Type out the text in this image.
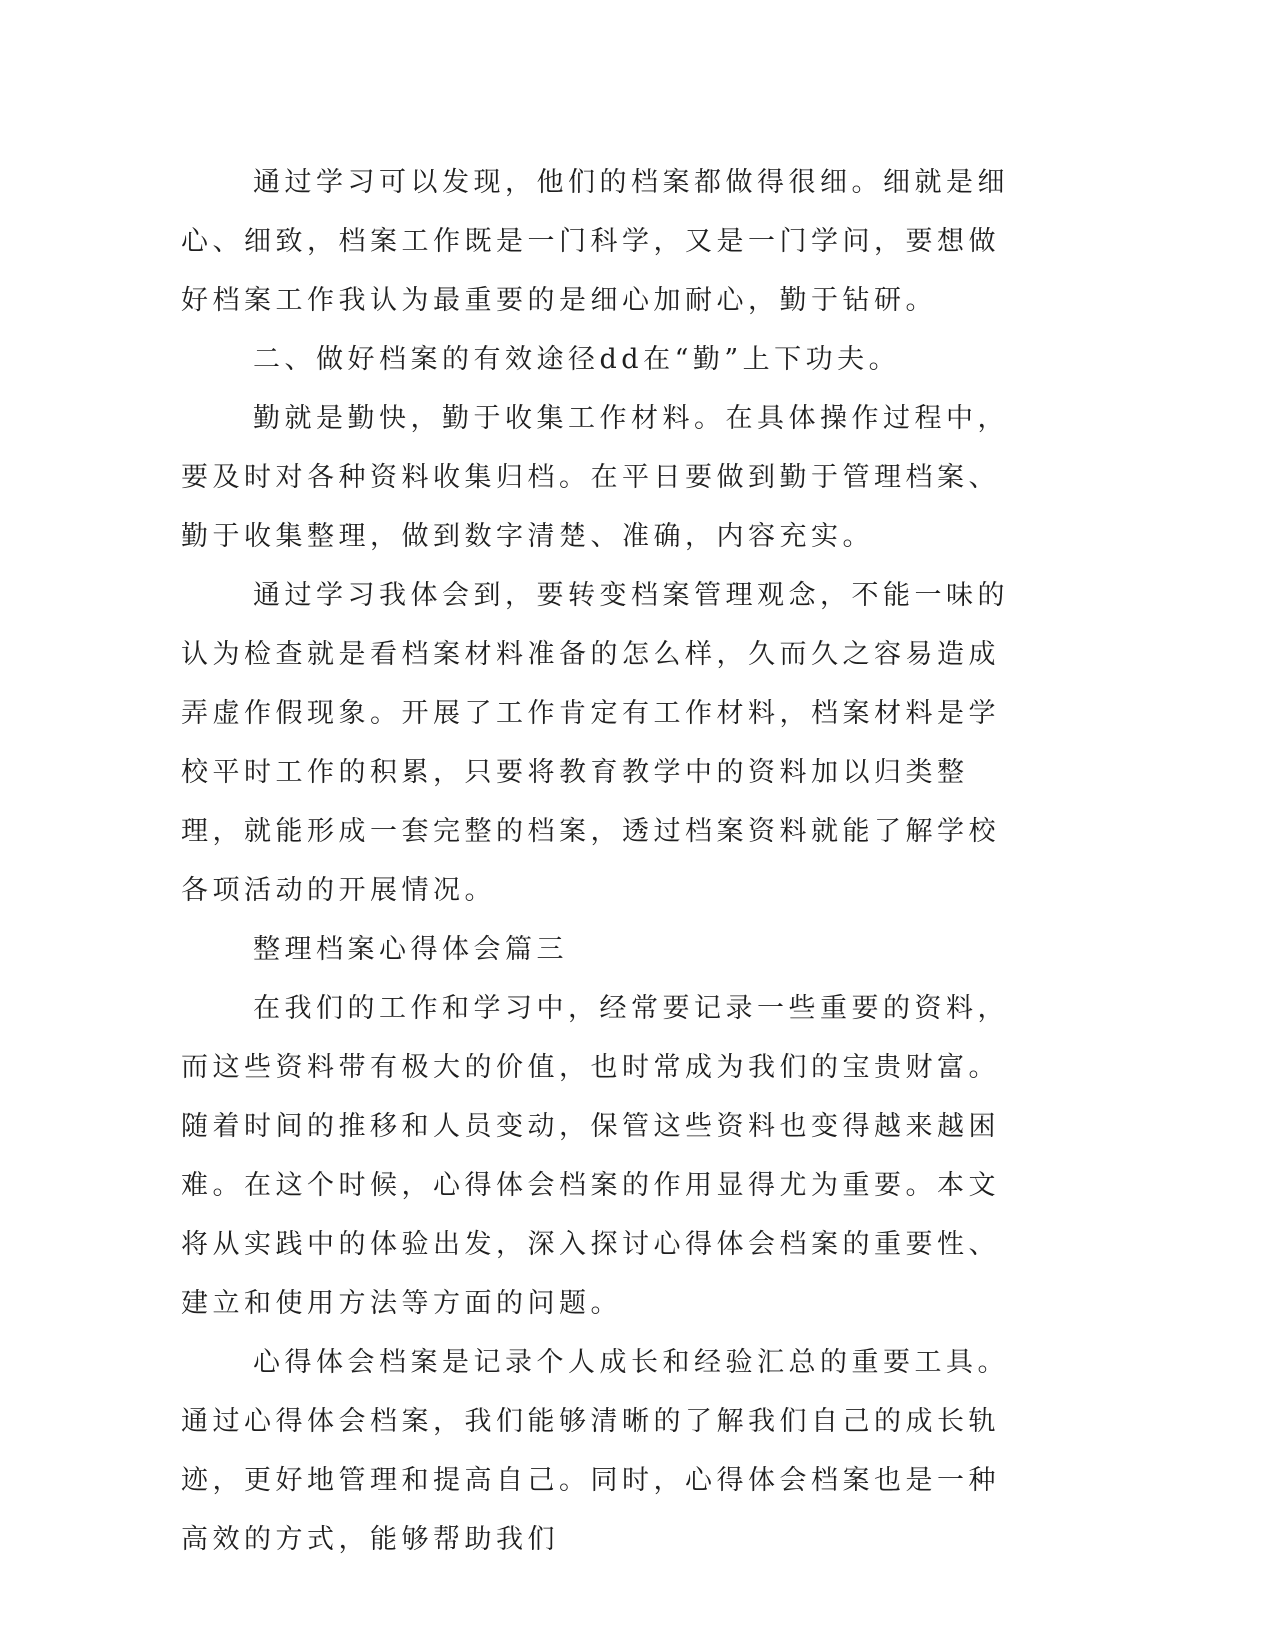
通过学习可以发现，他们的档案都做得很细。细就是细心、细致，档案工作既是一门科学，又是一门学问，要想做好档案工作我认为最重要的是细心加耐心，勤于钻研。

二、做好档案的有效途径dd在“勤”上下功夫。

勤就是勤快，勤于收集工作材料。在具体操作过程中，要及时对各种资料收集归档。在平日要做到勤于管理档案、勤于收集整理，做到数字清楚、准确，内容充实。

通过学习我体会到，要转变档案管理观念，不能一味的认为检查就是看档案材料准备的怎么样，久而久之容易造成弄虚作假现象。开展了工作肯定有工作材料，档案材料是学校平时工作的积累，只要将教育教学中的资料加以归类整理，就能形成一套完整的档案，透过档案资料就能了解学校各项活动的开展情况。

整理档案心得体会篇三

在我们的工作和学习中，经常要记录一些重要的资料，而这些资料带有极大的价值，也时常成为我们的宝贵财富。随着时间的推移和人员变动，保管这些资料也变得越来越困难。在这个时候，心得体会档案的作用显得尤为重要。本文将从实践中的体验出发，深入探讨心得体会档案的重要性、建立和使用方法等方面的问题。

心得体会档案是记录个人成长和经验汇总的重要工具。通过心得体会档案，我们能够清晰的了解我们自己的成长轨迹，更好地管理和提高自己。同时，心得体会档案也是一种高效的方式，能够帮助我们
